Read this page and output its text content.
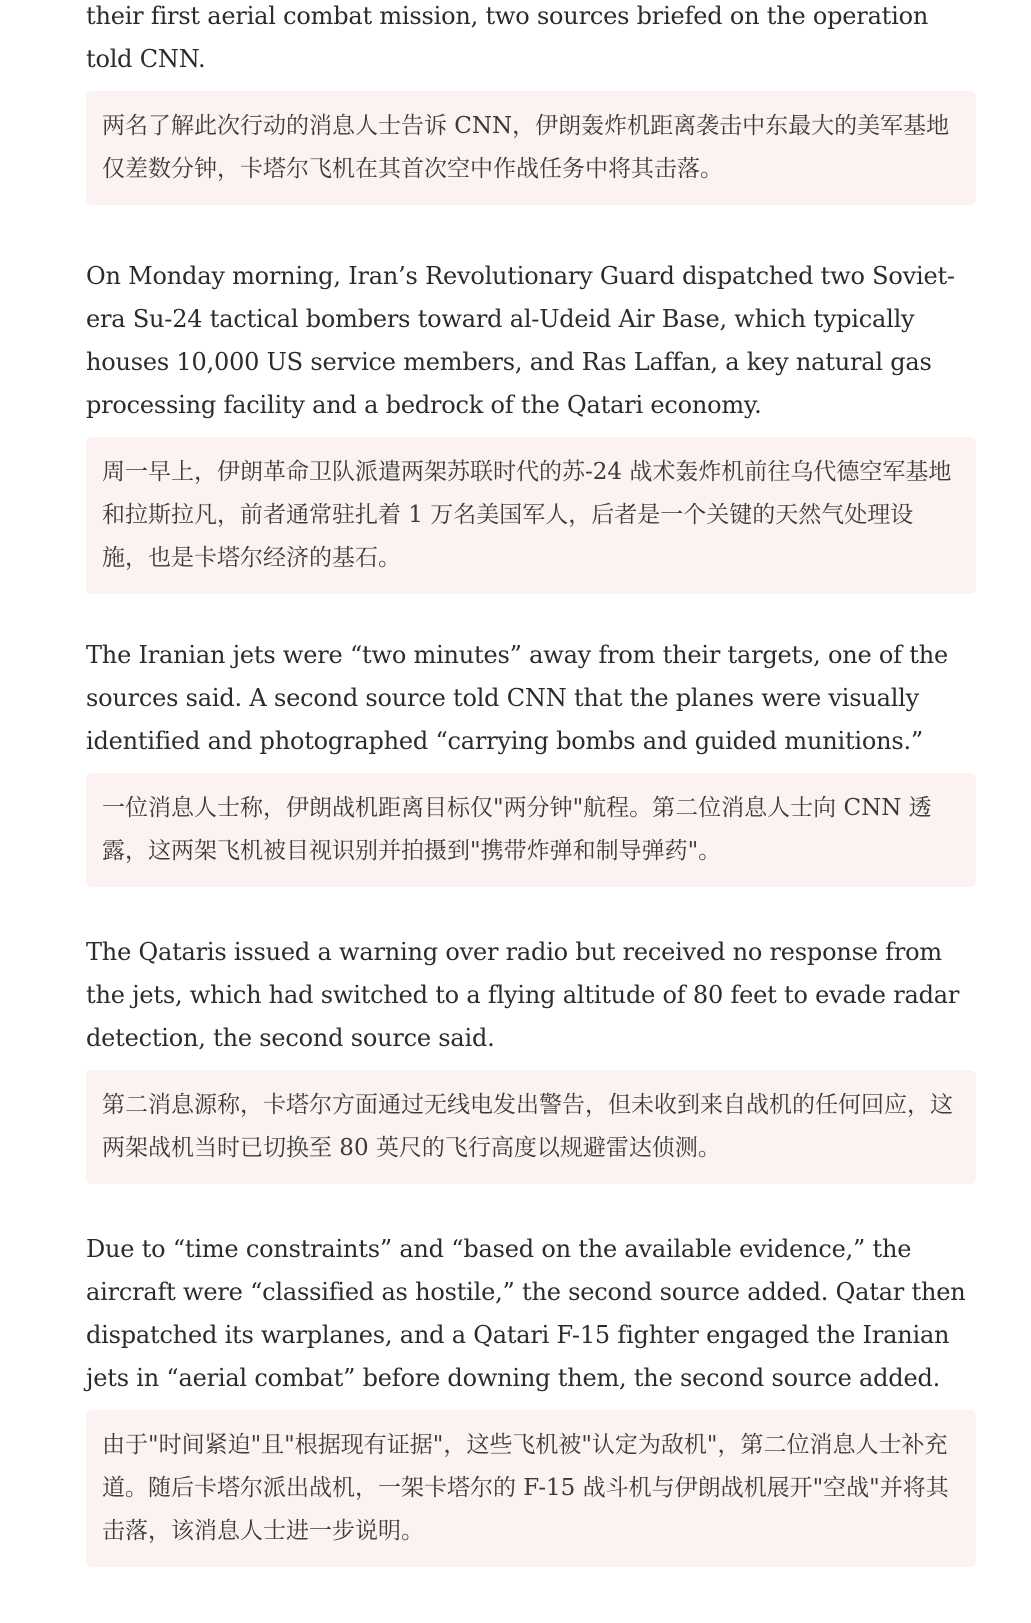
their first aerial combat mission, two sources briefed on the operation told CNN.

两名了解此次行动的消息人士告诉 CNN，伊朗轰炸机距离袭击中东最大的美军基地仅差数分钟，卡塔尔飞机在其首次空中作战任务中将其击落。

On Monday morning, Iran’s Revolutionary Guard dispatched two Soviet-era Su-24 tactical bombers toward al-Udeid Air Base, which typically houses 10,000 US service members, and Ras Laffan, a key natural gas processing facility and a bedrock of the Qatari economy.

周一早上，伊朗革命卫队派遣两架苏联时代的苏-24 战术轰炸机前往乌代德空军基地和拉斯拉凡，前者通常驻扎着 1 万名美国军人，后者是一个关键的天然气处理设施，也是卡塔尔经济的基石。

The Iranian jets were “two minutes” away from their targets, one of the sources said. A second source told CNN that the planes were visually identified and photographed “carrying bombs and guided munitions.”

一位消息人士称，伊朗战机距离目标仅"两分钟"航程。第二位消息人士向 CNN 透露，这两架飞机被目视识别并拍摄到"携带炸弹和制导弹药"。

The Qataris issued a warning over radio but received no response from the jets, which had switched to a flying altitude of 80 feet to evade radar detection, the second source said.

第二消息源称，卡塔尔方面通过无线电发出警告，但未收到来自战机的任何回应，这两架战机当时已切换至 80 英尺的飞行高度以规避雷达侦测。

Due to “time constraints” and “based on the available evidence,” the aircraft were “classified as hostile,” the second source added. Qatar then dispatched its warplanes, and a Qatari F-15 fighter engaged the Iranian jets in “aerial combat” before downing them, the second source added.

由于"时间紧迫"且"根据现有证据"，这些飞机被"认定为敌机"，第二位消息人士补充道。随后卡塔尔派出战机，一架卡塔尔的 F-15 战斗机与伊朗战机展开"空战"并将其击落，该消息人士进一步说明。
